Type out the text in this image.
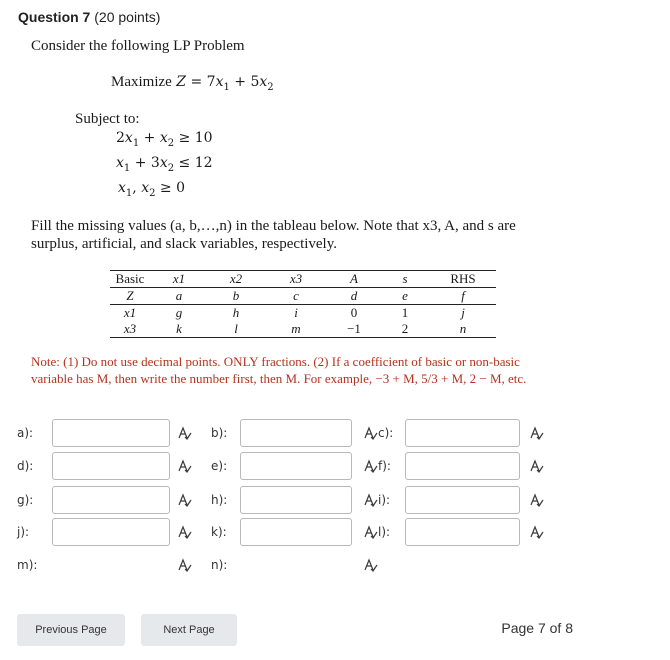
Question 7 (20 points)
Consider the following LP Problem
Maximize $Z = 7x_1 + 5x_2$
Subject to:
$2x_1 + x_2 \ge 10$
$x_1 + 3x_2 \le 12$
$x_1$, $x_2 \ge 0$
Fill the missing values (a, b,…,n) in the tableau below. Note that x3, A, and s are
surplus, artificial, and slack variables, respectively.
Basic	x1	x2	x3	A	s	RHS
Z	a	b	c	d	e	f
x1	g	h	i	0	1	j
x3	k	l	m	−1	2	n
Note: (1) Do not use decimal points. ONLY fractions. (2) If a coefficient of basic or non-basic
variable has M, then write the number first, then M. For example, −3 + M, 5/3 + M, 2 − M, etc.
a):	b):	c):
d):	e):	f):
g):	h):	i):
j):	k):	l):
m):	n):
Previous Page	Next Page	Page 7 of 8
